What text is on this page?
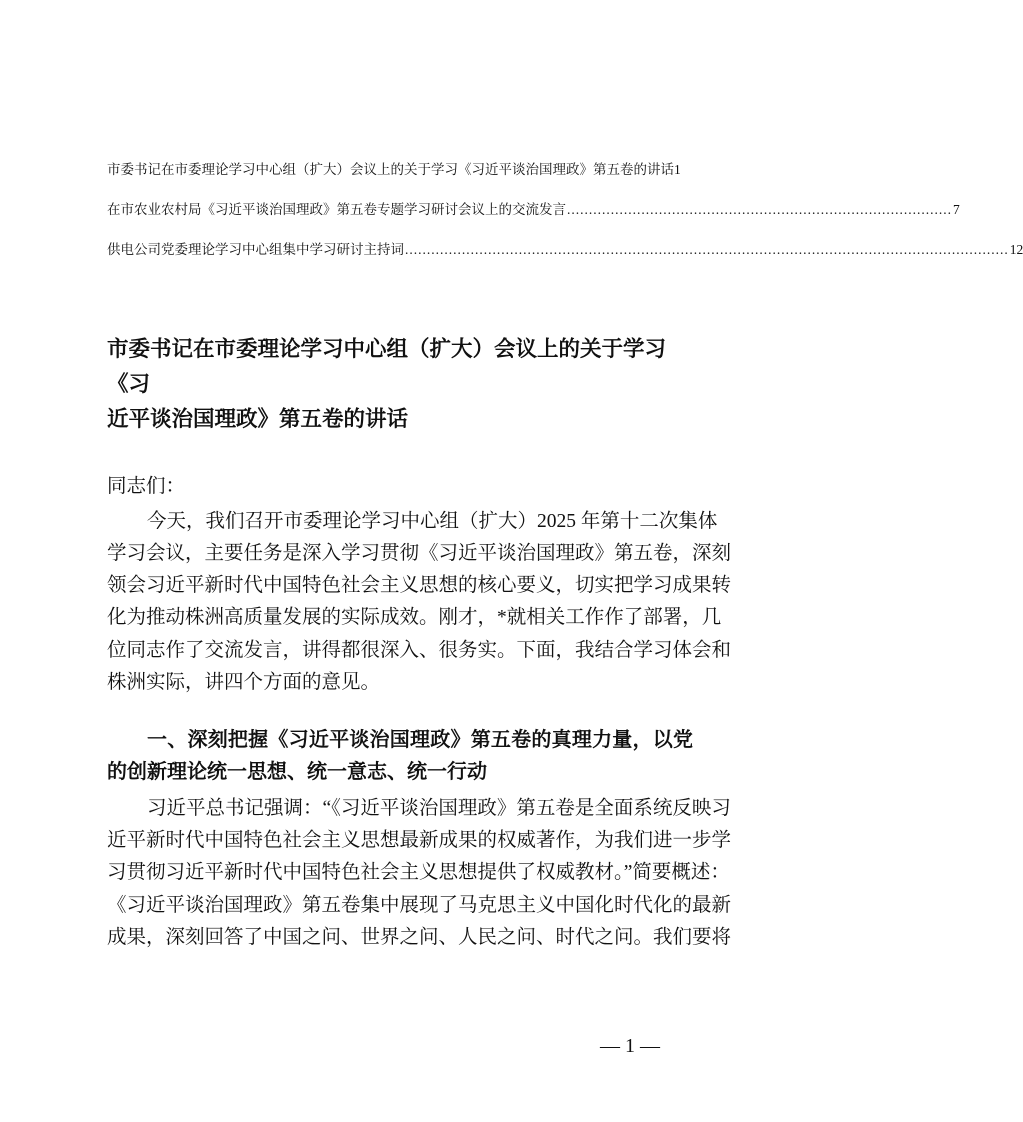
市委书记在市委理论学习中心组（扩大）会议上的关于学习《习近平谈治国理政》第五卷的讲话 1
在市农业农村局《习近平谈治国理政》第五卷专题学习研讨会议上的交流发言 ........................................................................................ 7
供电公司党委理论学习中心组集中学习研讨主持词 .......................................................................................................................................... 12
市委书记在市委理论学习中心组（扩大）会议上的关于学习《习
近平谈治国理政》第五卷的讲话
同志们：
今天，我们召开市委理论学习中心组（扩大）2025 年第十二次集体
学习会议，主要任务是深入学习贯彻《习近平谈治国理政》第五卷，深刻
领会习近平新时代中国特色社会主义思想的核心要义，切实把学习成果转
化为推动株洲高质量发展的实际成效。刚才，*就相关工作作了部署，几
位同志作了交流发言，讲得都很深入、很务实。下面，我结合学习体会和
株洲实际，讲四个方面的意见。
一、深刻把握《习近平谈治国理政》第五卷的真理力量，以党
的创新理论统一思想、统一意志、统一行动
习近平总书记强调：“《习近平谈治国理政》第五卷是全面系统反映习
近平新时代中国特色社会主义思想最新成果的权威著作，为我们进一步学
习贯彻习近平新时代中国特色社会主义思想提供了权威教材。”简要概述：
《习近平谈治国理政》第五卷集中展现了马克思主义中国化时代化的最新
成果，深刻回答了中国之问、世界之问、人民之问、时代之问。我们要将
— 1 —
